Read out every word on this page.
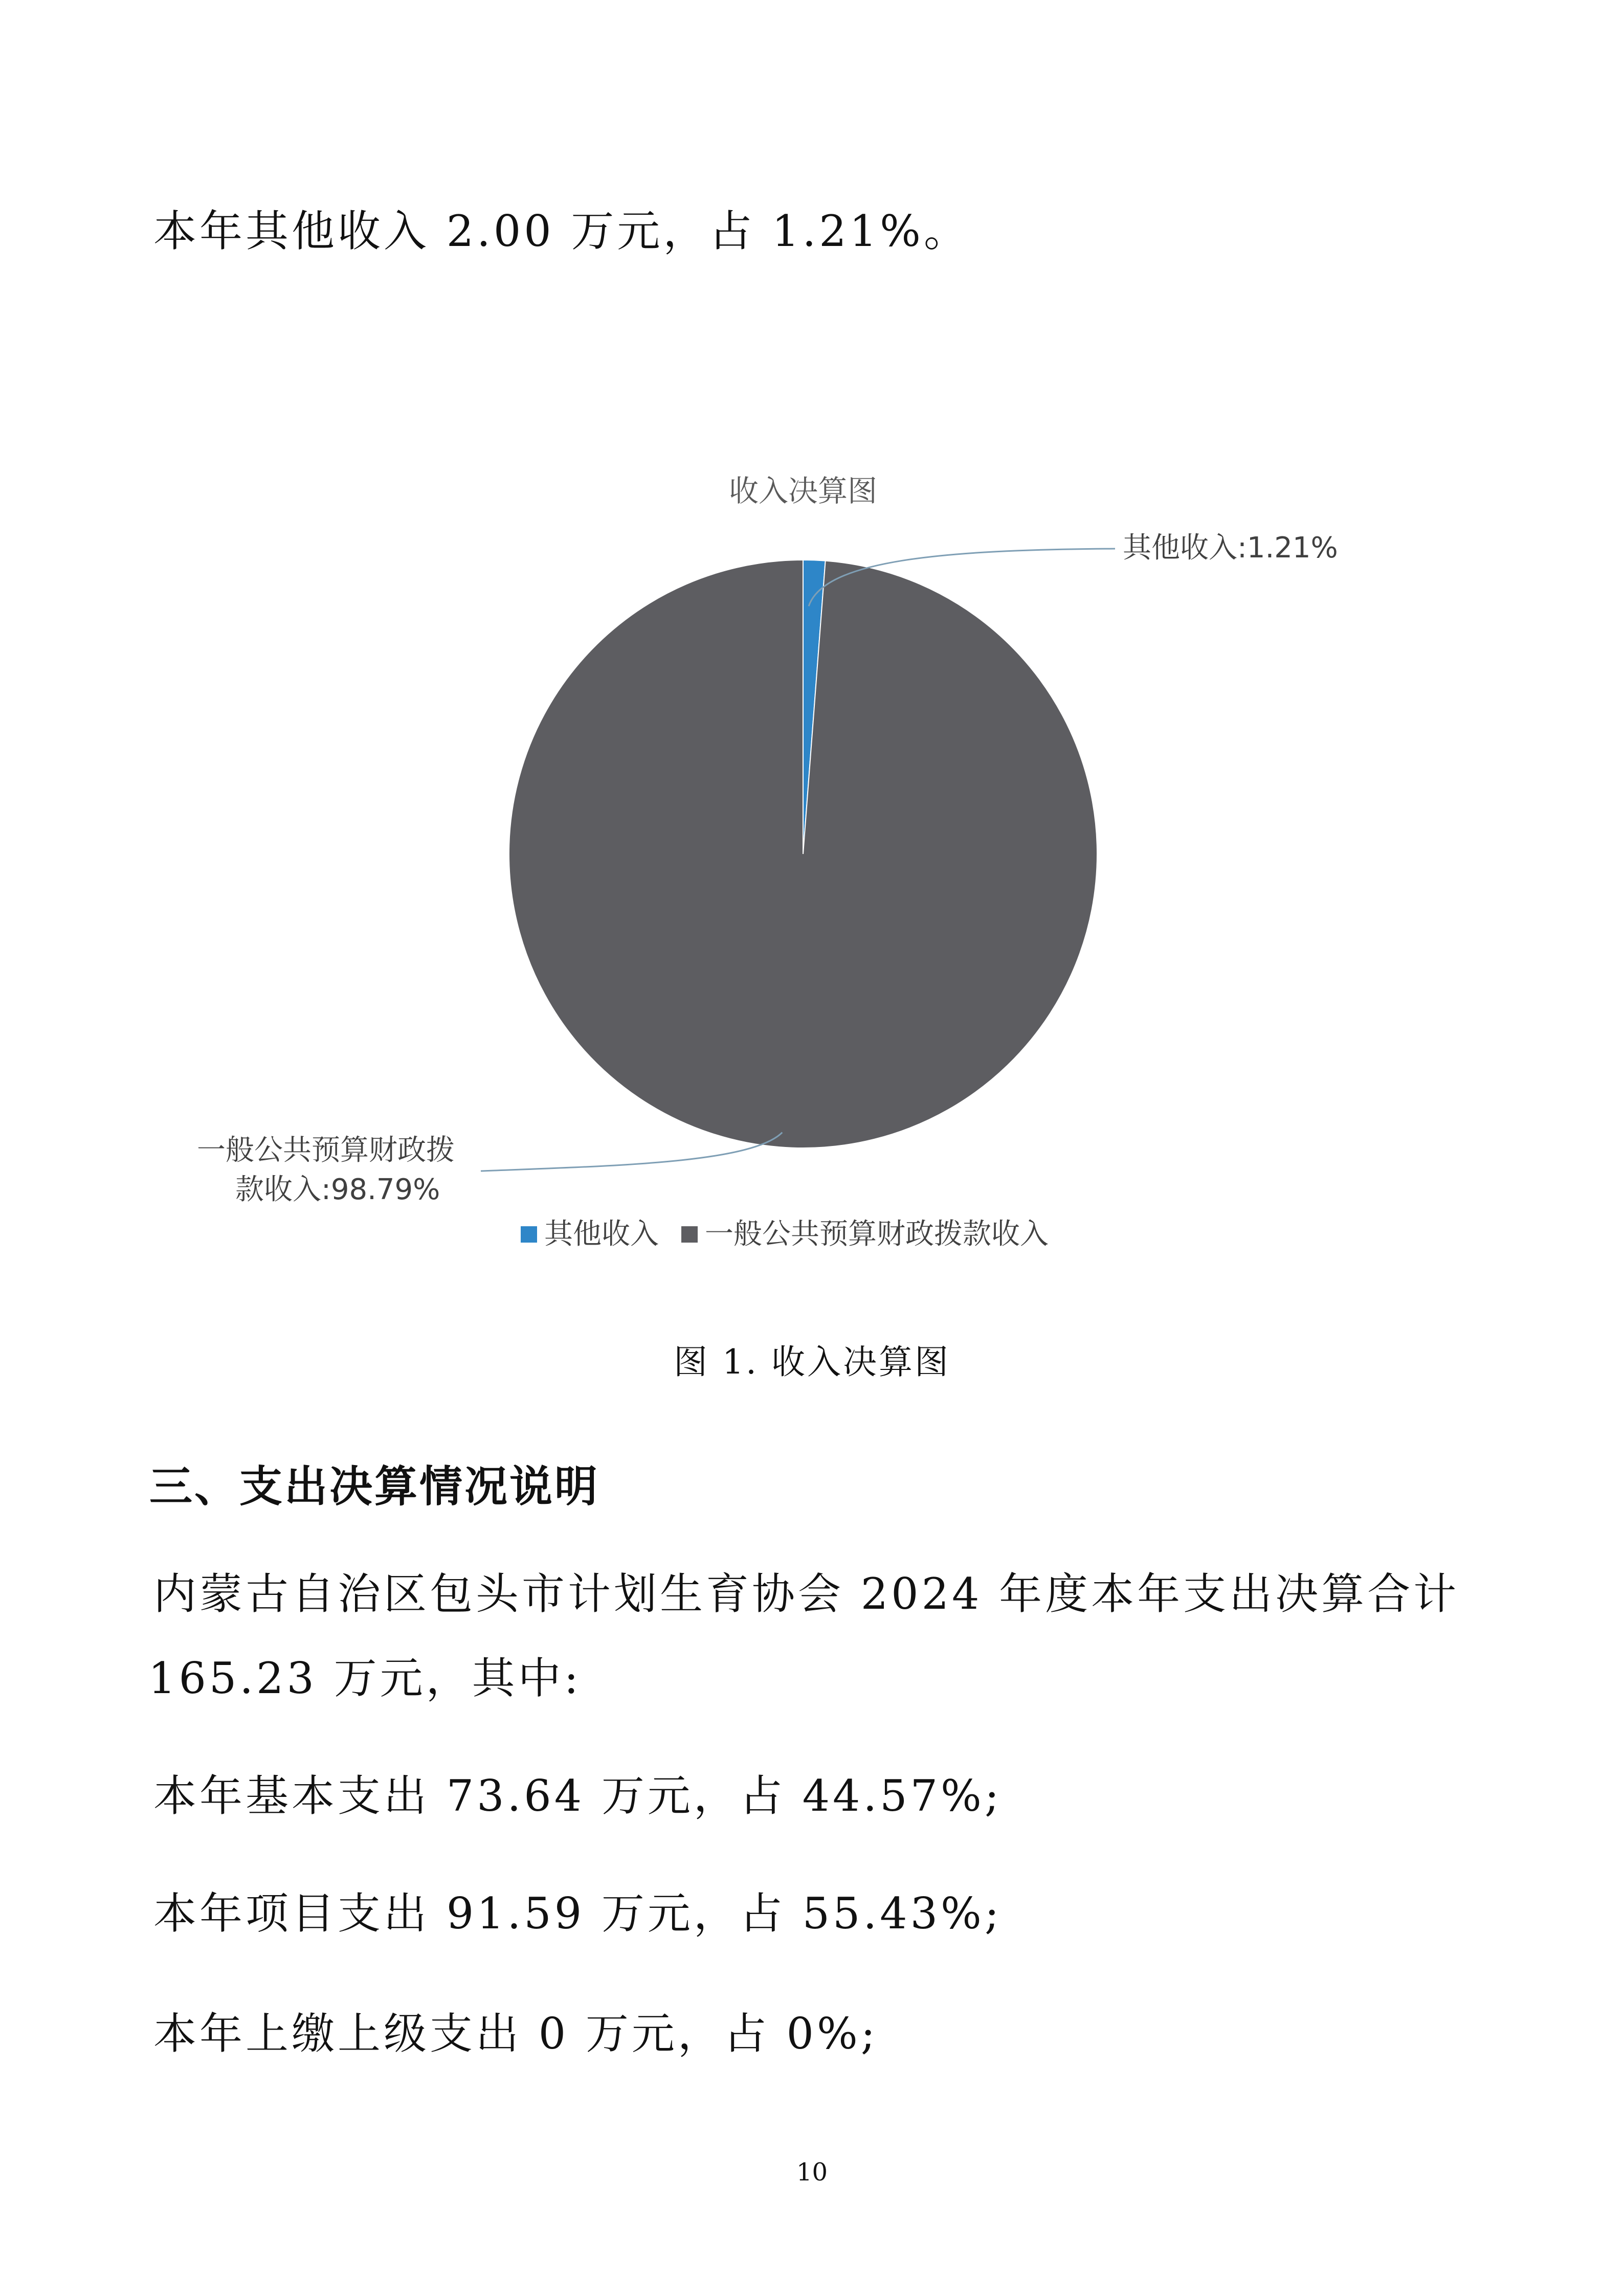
本年其他收入 2.00 万元，占 1.21%。
收入决算图
其他收入:1.21%
一般公共预算财政拨
款收入:98.79%
其他收入 一般公共预算财政拨款收入
图 1. 收入决算图
三、支出决算情况说明
内蒙古自治区包头市计划生育协会 2024 年度本年支出决算合计
165.23 万元，其中:
本年基本支出 73.64 万元，占 44.57%;
本年项目支出 91.59 万元，占 55.43%;
本年上缴上级支出 0 万元，占 0%;
10
